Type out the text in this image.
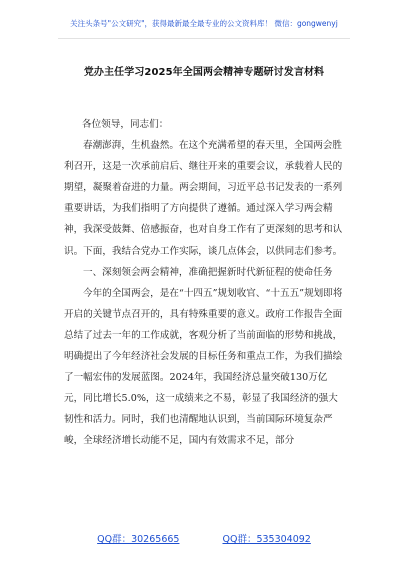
关注头条号"公文研究"，获得最新最全最专业的公文资料库！ 微信：gongwenyj
党办主任学习2025年全国两会精神专题研讨发言材料

各位领导，同志们：

春潮澎湃，生机盎然。在这个充满希望的春天里，全国两会胜利召开，这是一次承前启后、继往开来的重要会议，承载着人民的期望，凝聚着奋进的力量。两会期间，习近平总书记发表的一系列重要讲话，为我们指明了方向提供了遵循。通过深入学习两会精神，我深受鼓舞、倍感振奋，也对自身工作有了更深刻的思考和认识。下面，我结合党办工作实际，谈几点体会，以供同志们参考。

一、深刻领会两会精神，准确把握新时代新征程的使命任务

今年的全国两会，是在“十四五”规划收官、“十五五”规划即将开启的关键节点召开的，具有特殊重要的意义。政府工作报告全面总结了过去一年的工作成就，客观分析了当前面临的形势和挑战，明确提出了今年经济社会发展的目标任务和重点工作，为我们描绘了一幅宏伟的发展蓝图。2024年，我国经济总量突破130万亿元，同比增长5.0%，这一成绩来之不易，彰显了我国经济的强大韧性和活力。同时，我们也清醒地认识到，当前国际环境复杂严峻，全球经济增长动能不足，国内有效需求不足，部分

QQ群：30265665	QQ群：535304092
